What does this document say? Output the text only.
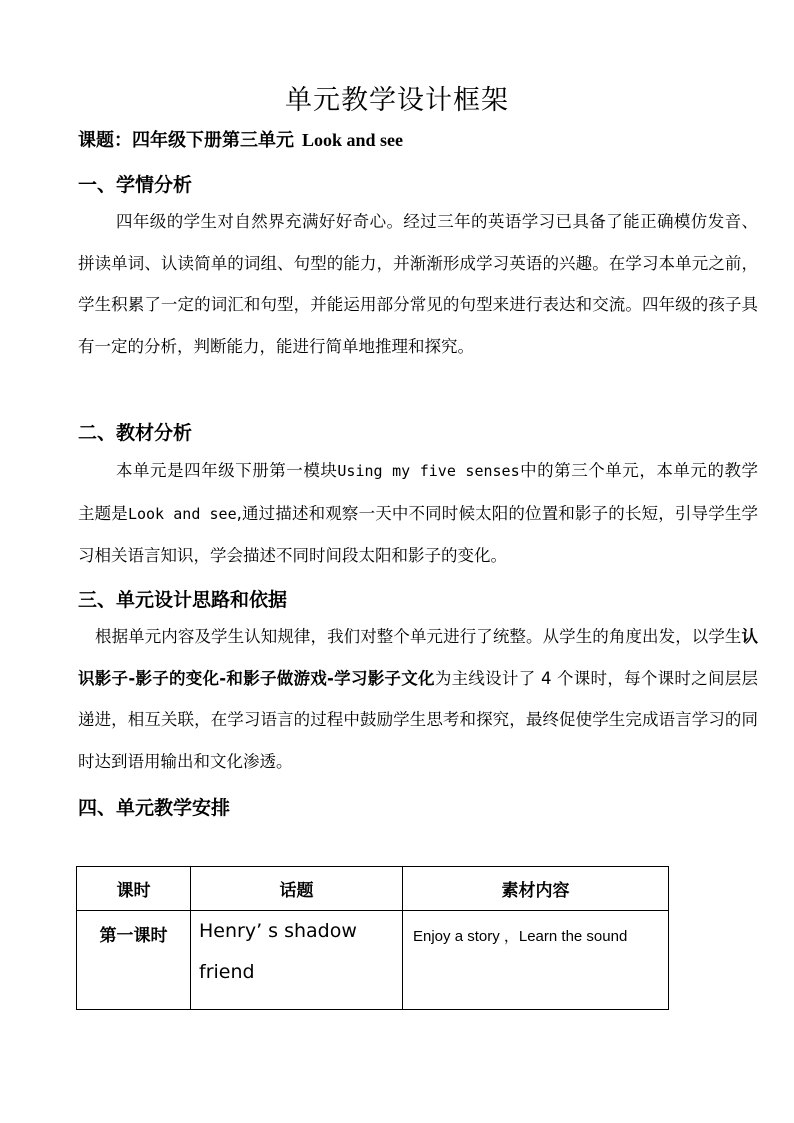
单元教学设计框架
课题：四年级下册第三单元 Look and see
一、学情分析
四年级的学生对自然界充满好好奇心。经过三年的英语学习已具备了能正确模仿发音、拼读单词、认读简单的词组、句型的能力，并渐渐形成学习英语的兴趣。在学习本单元之前，学生积累了一定的词汇和句型，并能运用部分常见的句型来进行表达和交流。四年级的孩子具有一定的分析，判断能力，能进行简单地推理和探究。
二、教材分析
本单元是四年级下册第一模块Using my five senses中的第三个单元，本单元的教学主题是Look and see,通过描述和观察一天中不同时候太阳的位置和影子的长短，引导学生学习相关语言知识，学会描述不同时间段太阳和影子的变化。
三、单元设计思路和依据
根据单元内容及学生认知规律，我们对整个单元进行了统整。从学生的角度出发，以学生认识影子-影子的变化-和影子做游戏-学习影子文化为主线设计了 4 个课时，每个课时之间层层递进，相互关联，在学习语言的过程中鼓励学生思考和探究，最终促使学生完成语言学习的同时达到语用输出和文化渗透。
四、单元教学安排
课时	话题	素材内容
第一课时	Henry’ s shadow friend	Enjoy a story ，Learn the sound
